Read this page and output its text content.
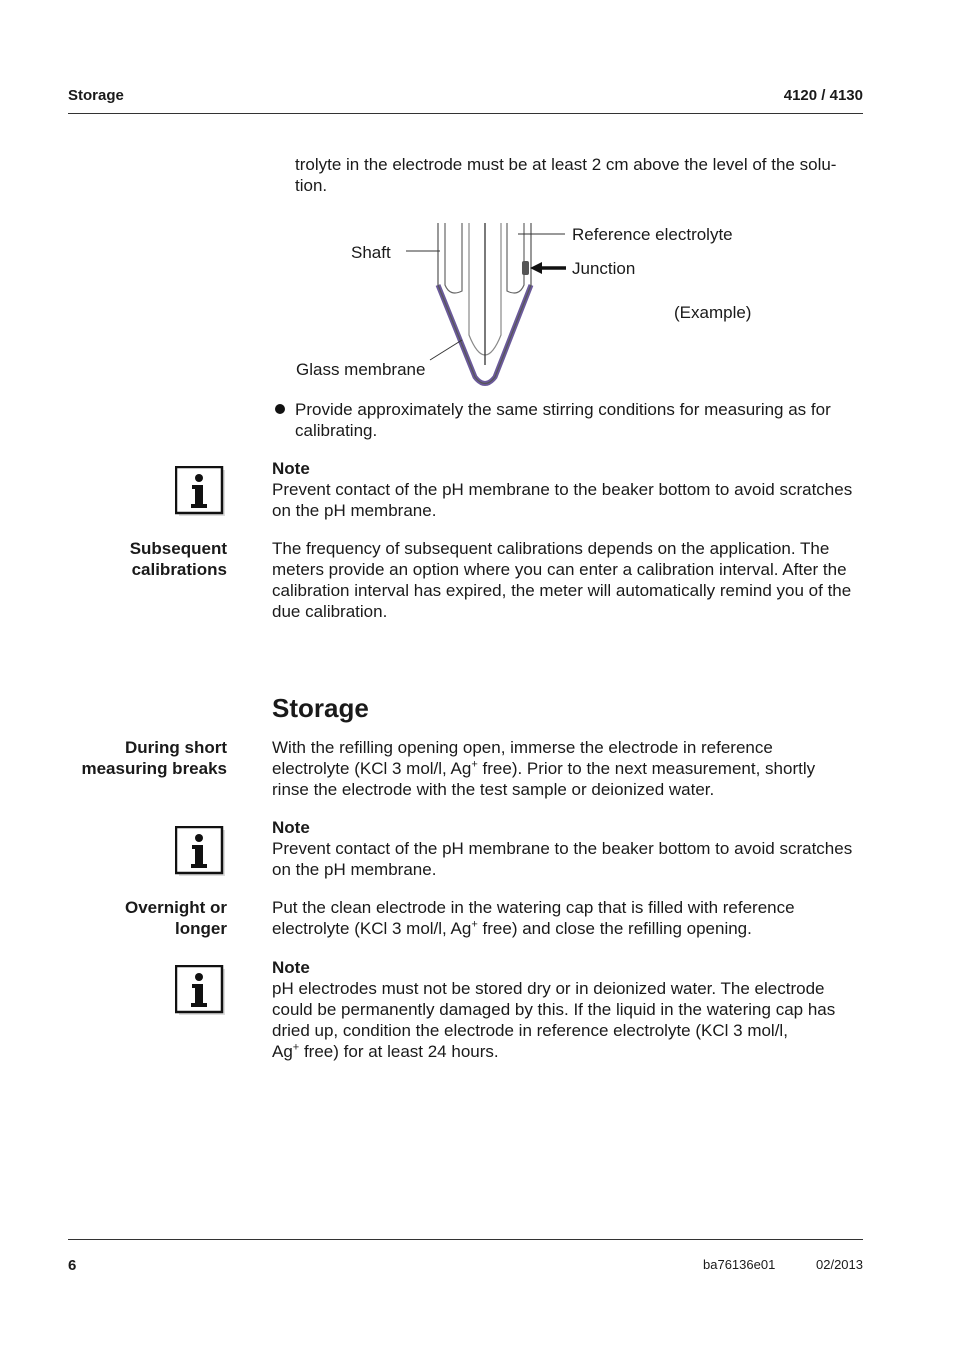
Storage	4120 / 4130
trolyte in the electrode must be at least 2 cm above the level of the solu-
tion.
Shaft
Reference electrolyte
Junction
(Example)
Glass membrane
Provide approximately the same stirring conditions for measuring as for
calibrating.
Note
Prevent contact of the pH membrane to the beaker bottom to avoid scratches
on the pH membrane.
Subsequent
calibrations
The frequency of subsequent calibrations depends on the application. The
meters provide an option where you can enter a calibration interval. After the
calibration interval has expired, the meter will automatically remind you of the
due calibration.
Storage
During short
measuring breaks
With the refilling opening open, immerse the electrode in reference
electrolyte (KCl 3 mol/l, Ag+ free). Prior to the next measurement, shortly
rinse the electrode with the test sample or deionized water.
Note
Prevent contact of the pH membrane to the beaker bottom to avoid scratches
on the pH membrane.
Overnight or
longer
Put the clean electrode in the watering cap that is filled with reference
electrolyte (KCl 3 mol/l, Ag+ free) and close the refilling opening.
Note
pH electrodes must not be stored dry or in deionized water. The electrode
could be permanently damaged by this. If the liquid in the watering cap has
dried up, condition the electrode in reference electrolyte (KCl 3 mol/l,
Ag+ free) for at least 24 hours.
6	ba76136e01	02/2013
